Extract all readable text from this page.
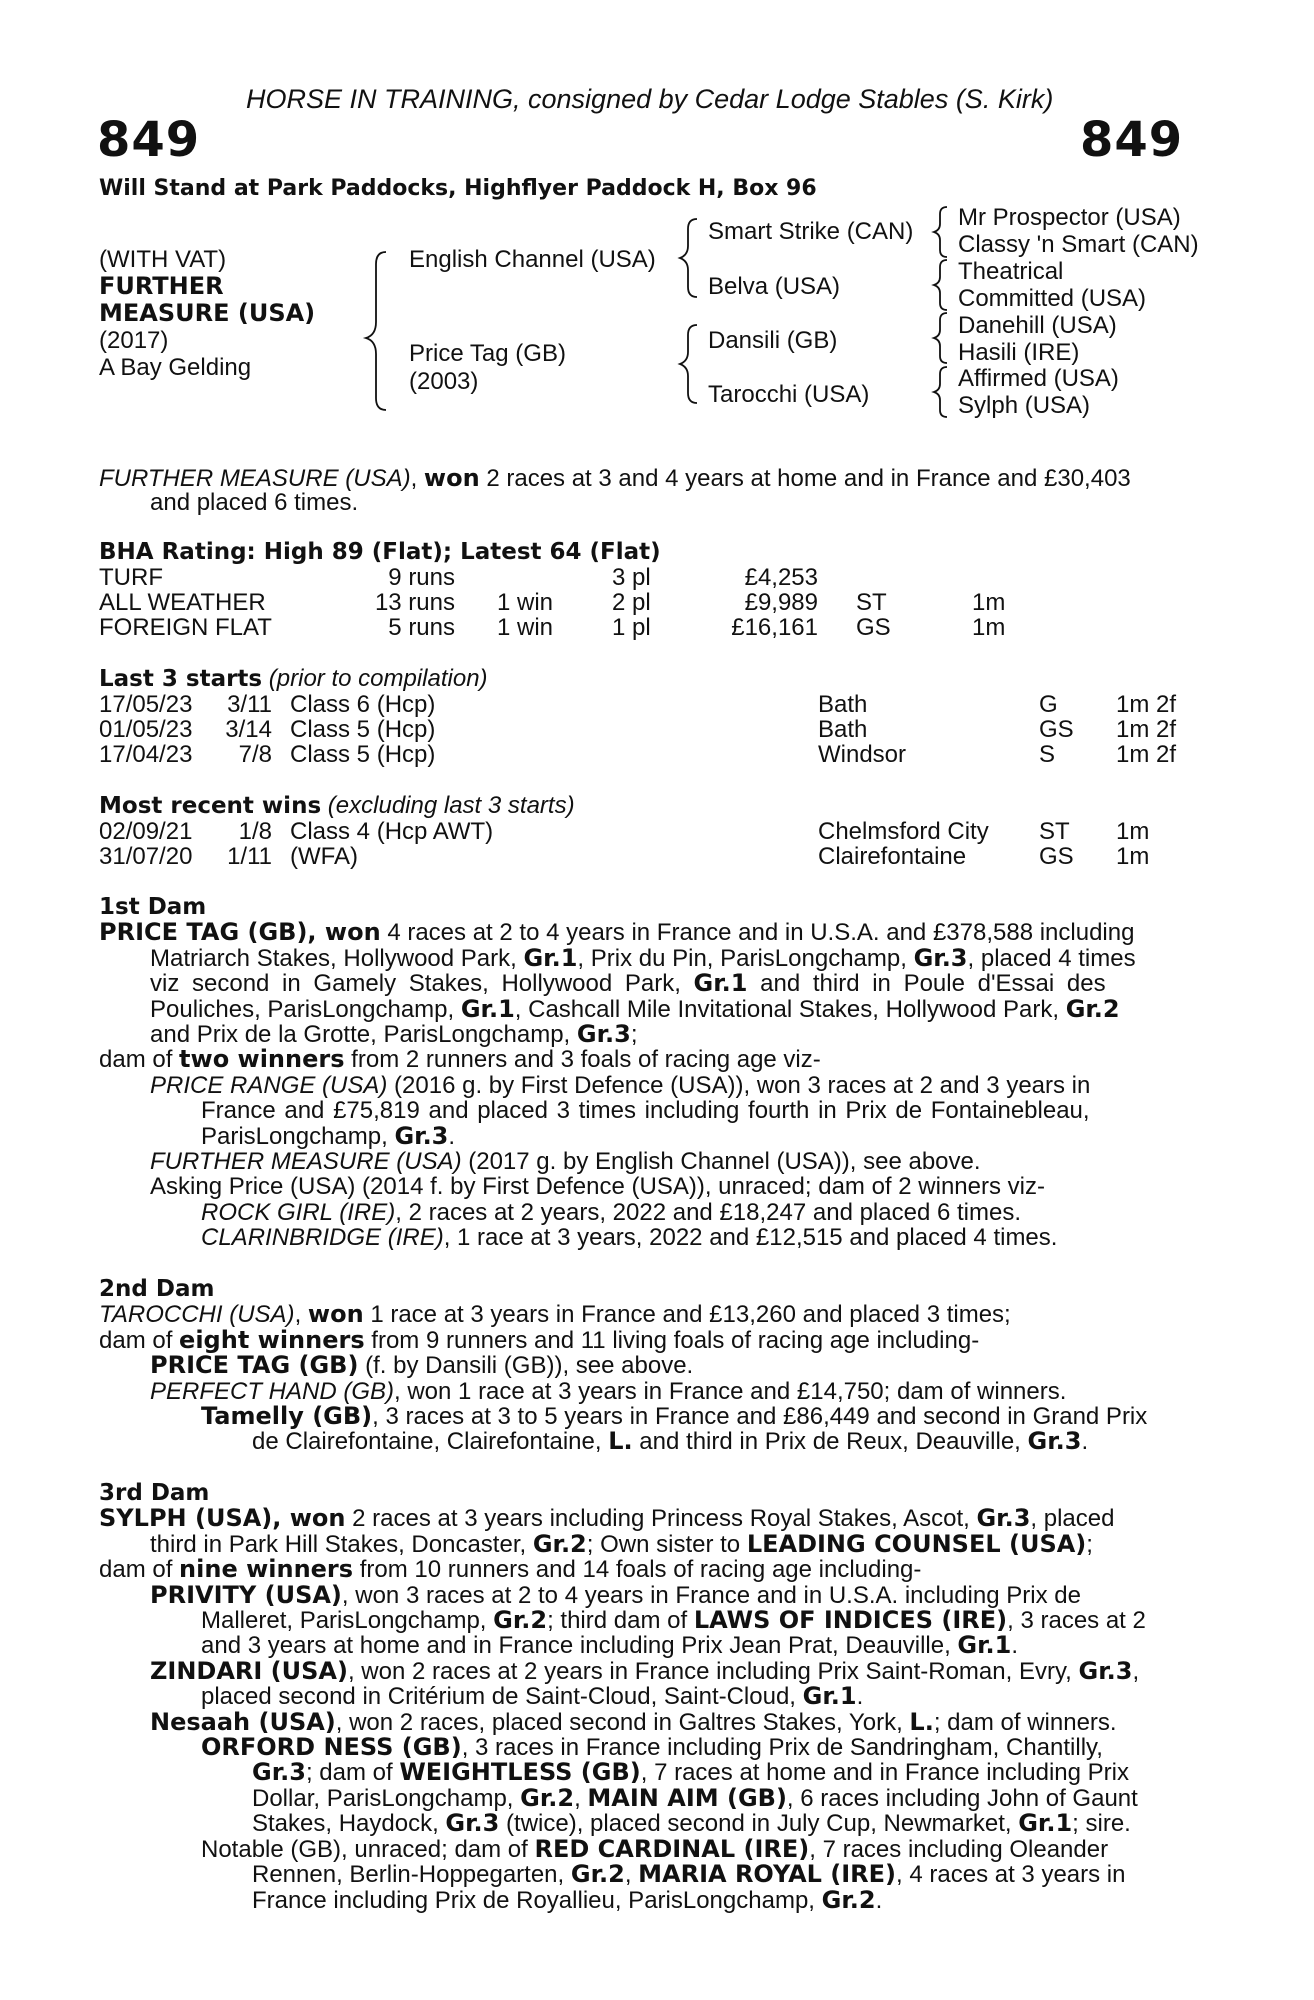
HORSE IN TRAINING, consigned by Cedar Lodge Stables (S. Kirk)
849	849
Will Stand at Park Paddocks, Highflyer Paddock H, Box 96
(WITH VAT)
FURTHER
MEASURE (USA)
(2017)
A Bay Gelding
English Channel (USA)
Price Tag (GB)
(2003)
Smart Strike (CAN)
Belva (USA)
Dansili (GB)
Tarocchi (USA)
Mr Prospector (USA)
Classy 'n Smart (CAN)
Theatrical
Committed (USA)
Danehill (USA)
Hasili (IRE)
Affirmed (USA)
Sylph (USA)
FURTHER MEASURE (USA), won 2 races at 3 and 4 years at home and in France and £30,403
and placed 6 times.
BHA Rating: High 89 (Flat); Latest 64 (Flat)
TURF	9 runs	3 pl	£4,253
ALL WEATHER	13 runs 1 win 2 pl	£9,989 ST	1m
FOREIGN FLAT	5 runs 1 win 1 pl	£16,161 GS	1m
Last 3 starts (prior to compilation)
17/05/23	3/11 Class 6 (Hcp)	Bath	G 1m 2f
01/05/23	3/14 Class 5 (Hcp)	Bath	GS 1m 2f
17/04/23	7/8 Class 5 (Hcp)	Windsor	S	1m 2f
Most recent wins (excluding last 3 starts)
02/09/21	1/8 Class 4 (Hcp AWT)	Chelmsford City ST 1m
31/07/20	1/11 (WFA)	Clairefontaine	GS 1m
1st Dam
PRICE TAG (GB), won 4 races at 2 to 4 years in France and in U.S.A. and £378,588 including
Matriarch Stakes, Hollywood Park, Gr.1, Prix du Pin, ParisLongchamp, Gr.3, placed 4 times
viz second in Gamely Stakes, Hollywood Park, Gr.1 and third in Poule d'Essai des
Pouliches, ParisLongchamp, Gr.1, Cashcall Mile Invitational Stakes, Hollywood Park, Gr.2
and Prix de la Grotte, ParisLongchamp, Gr.3;
dam of two winners from 2 runners and 3 foals of racing age viz-
PRICE RANGE (USA) (2016 g. by First Defence (USA)), won 3 races at 2 and 3 years in
France and £75,819 and placed 3 times including fourth in Prix de Fontainebleau,
ParisLongchamp, Gr.3.
FURTHER MEASURE (USA) (2017 g. by English Channel (USA)), see above.
Asking Price (USA) (2014 f. by First Defence (USA)), unraced; dam of 2 winners viz-
ROCK GIRL (IRE), 2 races at 2 years, 2022 and £18,247 and placed 6 times.
CLARINBRIDGE (IRE), 1 race at 3 years, 2022 and £12,515 and placed 4 times.
2nd Dam
TAROCCHI (USA), won 1 race at 3 years in France and £13,260 and placed 3 times;
dam of eight winners from 9 runners and 11 living foals of racing age including-
PRICE TAG (GB) (f. by Dansili (GB)), see above.
PERFECT HAND (GB), won 1 race at 3 years in France and £14,750; dam of winners.
Tamelly (GB), 3 races at 3 to 5 years in France and £86,449 and second in Grand Prix
de Clairefontaine, Clairefontaine, L. and third in Prix de Reux, Deauville, Gr.3.
3rd Dam
SYLPH (USA), won 2 races at 3 years including Princess Royal Stakes, Ascot, Gr.3, placed
third in Park Hill Stakes, Doncaster, Gr.2; Own sister to LEADING COUNSEL (USA);
dam of nine winners from 10 runners and 14 foals of racing age including-
PRIVITY (USA), won 3 races at 2 to 4 years in France and in U.S.A. including Prix de
Malleret, ParisLongchamp, Gr.2; third dam of LAWS OF INDICES (IRE), 3 races at 2
and 3 years at home and in France including Prix Jean Prat, Deauville, Gr.1.
ZINDARI (USA), won 2 races at 2 years in France including Prix Saint-Roman, Evry, Gr.3,
placed second in Critérium de Saint-Cloud, Saint-Cloud, Gr.1.
Nesaah (USA), won 2 races, placed second in Galtres Stakes, York, L.; dam of winners.
ORFORD NESS (GB), 3 races in France including Prix de Sandringham, Chantilly,
Gr.3; dam of WEIGHTLESS (GB), 7 races at home and in France including Prix
Dollar, ParisLongchamp, Gr.2, MAIN AIM (GB), 6 races including John of Gaunt
Stakes, Haydock, Gr.3 (twice), placed second in July Cup, Newmarket, Gr.1; sire.
Notable (GB), unraced; dam of RED CARDINAL (IRE), 7 races including Oleander
Rennen, Berlin-Hoppegarten, Gr.2, MARIA ROYAL (IRE), 4 races at 3 years in
France including Prix de Royallieu, ParisLongchamp, Gr.2.
